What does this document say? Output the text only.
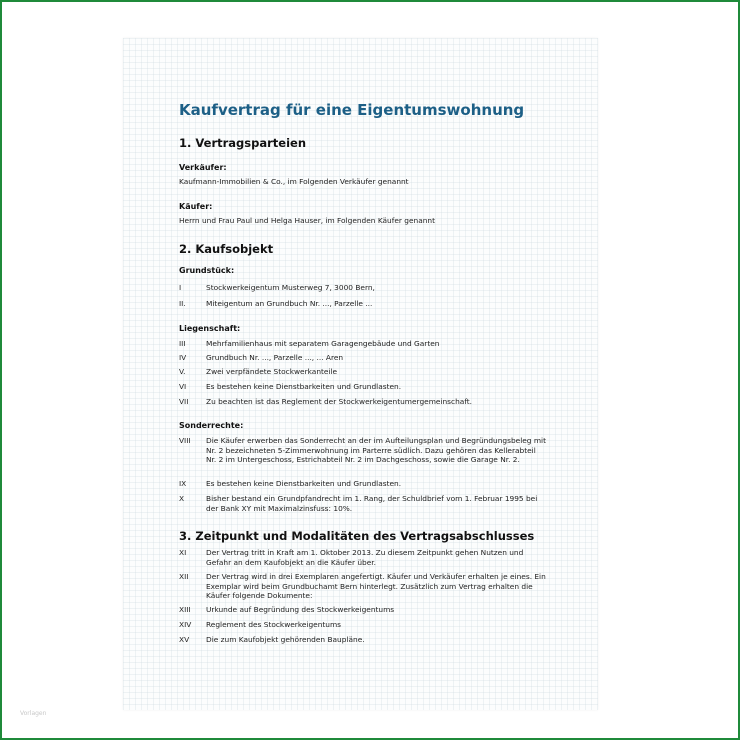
Kaufvertrag für eine Eigentumswohnung
1. Vertragsparteien

Verkäufer:

Kaufmann-Immobilien & Co., im Folgenden Verkäufer genannt

Käufer:

Herrn und Frau Paul und Helga Hauser, im Folgenden Käufer genannt

2. Kaufsobjekt

Grundstück:

I	Stockwerkeigentum Musterweg 7, 3000 Bern,
II.	Miteigentum an Grundbuch Nr. ..., Parzelle ...

Liegenschaft:

III	Mehrfamilienhaus mit separatem Garagengebäude und Garten
IV	Grundbuch Nr. ..., Parzelle ..., ... Aren
V.	Zwei verpfändete Stockwerkanteile
VI	Es bestehen keine Dienstbarkeiten und Grundlasten.
VII	Zu beachten ist das Reglement der Stockwerkeigentumergemeinschaft.

Sonderrechte:

VIII	Die Käufer erwerben das Sonderrecht an der im Aufteilungsplan und Begründungsbeleg mit Nr. 2 bezeichneten 5-Zimmerwohnung im Parterre südlich. Dazu gehören das Kellerabteil Nr. 2 im Untergeschoss, Estrichabteil Nr. 2 im Dachgeschoss, sowie die Garage Nr. 2.
IX	Es bestehen keine Dienstbarkeiten und Grundlasten.
X	Bisher bestand ein Grundpfandrecht im 1. Rang, der Schuldbrief vom 1. Februar 1995 bei der Bank XY mit Maximalzinsfuss: 10%.
3. Zeitpunkt und Modalitäten des Vertragsabschlusses
XI	Der Vertrag tritt in Kraft am 1. Oktober 2013. Zu diesem Zeitpunkt gehen Nutzen und Gefahr an dem Kaufobjekt an die Käufer über.
XII	Der Vertrag wird in drei Exemplaren angefertigt. Käufer und Verkäufer erhalten je eines. Ein Exemplar wird beim Grundbuchamt Bern hinterlegt. Zusätzlich zum Vertrag erhalten die Käufer folgende Dokumente:
XIII	Urkunde auf Begründung des Stockwerkeigentums
XIV	Reglement des Stockwerkeigentums
XV	Die zum Kaufobjekt gehörenden Baupläne.
Vorlagen
